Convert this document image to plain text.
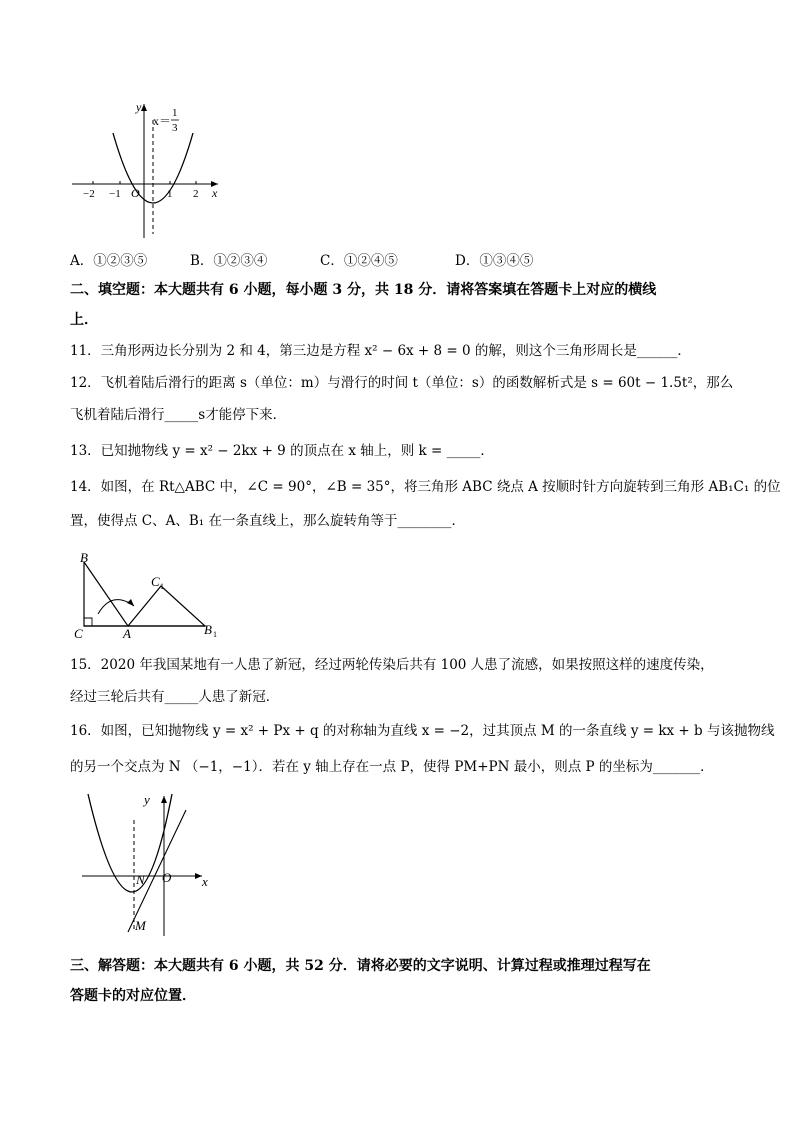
y
x＝
1
3
x
O
−2 −1	1 2
A．①②③⑤	B．①②③④	C．①②④⑤	D．①③④⑤
二、填空题：本大题共有 6 小题，每小题 3 分，共 18 分．请将答案填在答题卡上对应的横线
上．
11．三角形两边长分别为 2 和 4，第三边是方程 x² − 6x + 8 = 0 的解，则这个三角形周长是______．
12．飞机着陆后滑行的距离 s（单位：m）与滑行的时间 t（单位：s）的函数解析式是 s = 60t − 1.5t²，那么
飞机着陆后滑行_____s才能停下来．
13．已知抛物线 y = x² − 2kx + 9 的顶点在 x 轴上，则 k = _____．
14．如图，在 Rt△ABC 中，∠C = 90°，∠B = 35°，将三角形 ABC 绕点 A 按顺时针方向旋转到三角形 AB₁C₁ 的位
置，使得点 C、A、B₁ 在一条直线上，那么旋转角等于________．
B
C	A
C 1
B 1
15．2020 年我国某地有一人患了新冠，经过两轮传染后共有 100 人患了流感，如果按照这样的速度传染，
经过三轮后共有_____人患了新冠．
16．如图，已知抛物线 y = x² + Px + q 的对称轴为直线 x = −2，过其顶点 M 的一条直线 y = kx + b 与该抛物线
的另一个交点为 N （−1，−1）．若在 y 轴上存在一点 P，使得 PM+PN 最小，则点 P 的坐标为_______．
y
x
N O
M
三、解答题：本大题共有 6 小题，共 52 分．请将必要的文字说明、计算过程或推理过程写在
答题卡的对应位置．
